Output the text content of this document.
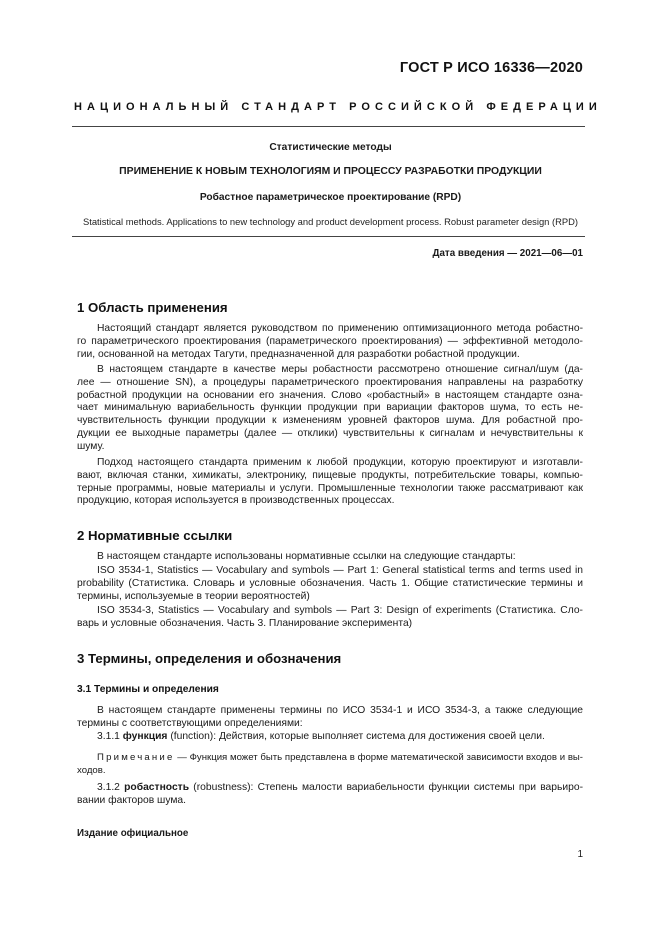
ГОСТ Р ИСО 16336—2020
НАЦИОНАЛЬНЫЙ СТАНДАРТ РОССИЙСКОЙ ФЕДЕРАЦИИ
Статистические методы
ПРИМЕНЕНИЕ К НОВЫМ ТЕХНОЛОГИЯМ И ПРОЦЕССУ РАЗРАБОТКИ ПРОДУКЦИИ
Робастное параметрическое проектирование (RPD)
Statistical methods. Applications to new technology and product development process. Robust parameter design (RPD)
Дата введения — 2021—06—01
1 Область применения
Настоящий стандарт является руководством по применению оптимизационного метода робастно-
го параметрического проектирования (параметрического проектирования) — эффективной методоло-
гии, основанной на методах Тагути, предназначенной для разработки робастной продукции.
В настоящем стандарте в качестве меры робастности рассмотрено отношение сигнал/шум (да-
лее — отношение SN), а процедуры параметрического проектирования направлены на разработку
робастной продукции на основании его значения. Слово «робастный» в настоящем стандарте озна-
чает минимальную вариабельность функции продукции при вариации факторов шума, то есть не-
чувствительность функции продукции к изменениям уровней факторов шума. Для робастной про-
дукции ее выходные параметры (далее — отклики) чувствительны к сигналам и нечувствительны к
шуму.
Подход настоящего стандарта применим к любой продукции, которую проектируют и изготавли-
вают, включая станки, химикаты, электронику, пищевые продукты, потребительские товары, компью-
терные программы, новые материалы и услуги. Промышленные технологии также рассматривают как
продукцию, которая используется в производственных процессах.
2 Нормативные ссылки
В настоящем стандарте использованы нормативные ссылки на следующие стандарты:
ISO 3534-1, Statistics — Vocabulary and symbols — Part 1: General statistical terms and terms used in
probability (Статистика. Словарь и условные обозначения. Часть 1. Общие статистические термины и
термины, используемые в теории вероятностей)
ISO 3534-3, Statistics — Vocabulary and symbols — Part 3: Design of experiments (Статистика. Сло-
варь и условные обозначения. Часть 3. Планирование эксперимента)
3 Термины, определения и обозначения
3.1 Термины и определения
В настоящем стандарте применены термины по ИСО 3534-1 и ИСО 3534-3, а также следующие
термины с соответствующими определениями:
3.1.1 функция (function): Действия, которые выполняет система для достижения своей цели.
Примечание — Функция может быть представлена в форме математической зависимости входов и вы-
ходов.
3.1.2 робастность (robustness): Степень малости вариабельности функции системы при варьиро-
вании факторов шума.
Издание официальное
1
